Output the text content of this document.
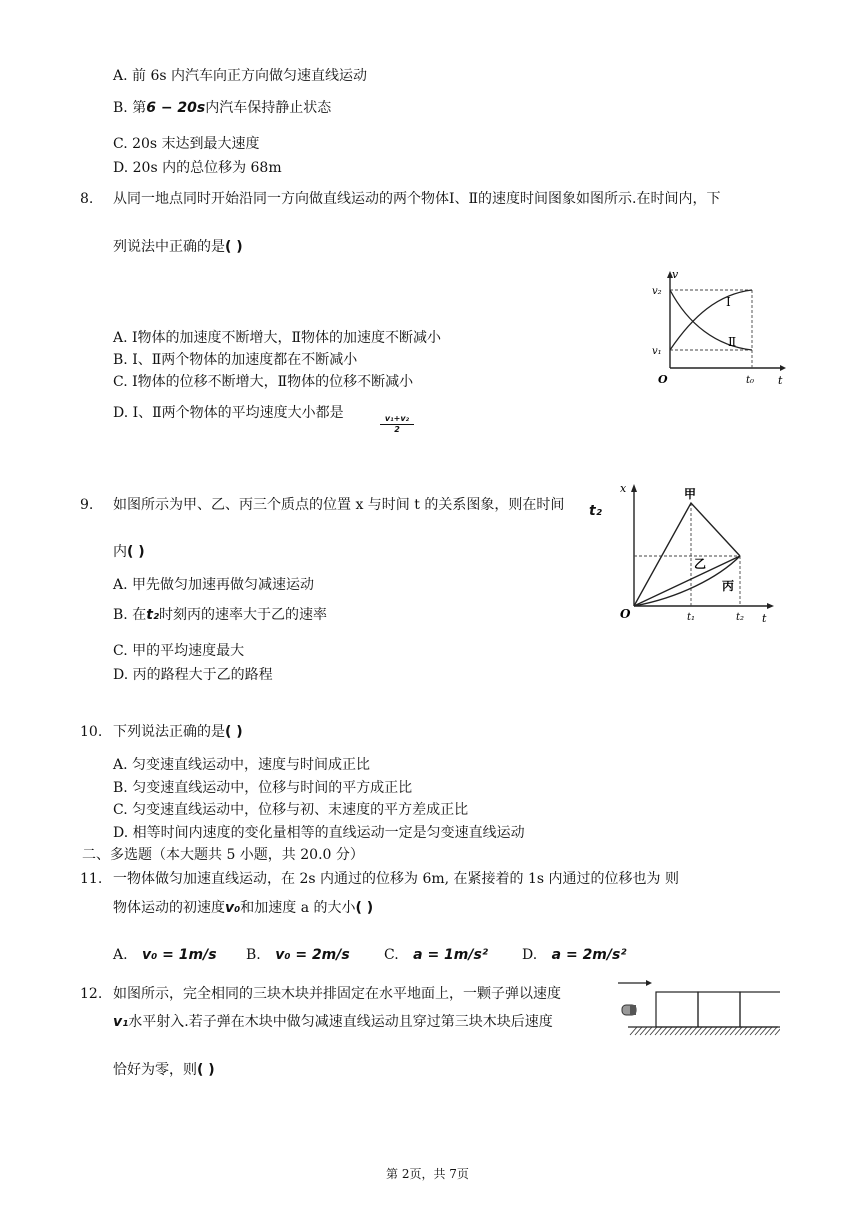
A. 前 6s 内汽车向正方向做匀速直线运动
B. 第6 − 20s内汽车保持静止状态
C. 20s 末达到最大速度
D. 20s 内的总位移为 68m
8. 从同一地点同时开始沿同一方向做直线运动的两个物体Ⅰ、Ⅱ的速度时间图象如图所示.在时间内，下
列说法中正确的是( )
v
t
O
v₂
v₁
t₀
Ⅰ
Ⅱ
A. Ⅰ物体的加速度不断增大，Ⅱ物体的加速度不断减小
B. Ⅰ、Ⅱ两个物体的加速度都在不断减小
C. Ⅰ物体的位移不断增大，Ⅱ物体的位移不断减小
D. Ⅰ、Ⅱ两个物体的平均速度大小都是
$\frac{\text{v₁+v₂}}{2}$
9. 如图所示为甲、乙、丙三个质点的位置 x 与时间 t 的关系图象，则在时间 t₂
内( )
x
t
O
甲
乙
丙
t₁	t₂
A. 甲先做匀加速再做匀减速运动
B. 在t₂时刻丙的速率大于乙的速率
C. 甲的平均速度最大
D. 丙的路程大于乙的路程
10. 下列说法正确的是( )
A. 匀变速直线运动中，速度与时间成正比
B. 匀变速直线运动中，位移与时间的平方成正比
C. 匀变速直线运动中，位移与初、末速度的平方差成正比
D. 相等时间内速度的变化量相等的直线运动一定是匀变速直线运动
二、多选题（本大题共 5 小题，共 20.0 分）
11. 一物体做匀加速直线运动，在 2s 内通过的位移为 6m, 在紧接着的 1s 内通过的位移也为 则
物体运动的初速度v₀和加速度 a 的大小( )
A. v₀ = 1m/s B. v₀ = 2m/s C. a = 1m/s² D. a = 2m/s²
12. 如图所示，完全相同的三块木块并排固定在水平地面上，一颗子弹以速度
v₁水平射入.若子弹在木块中做匀减速直线运动且穿过第三块木块后速度
恰好为零，则( )
第 2页，共 7页
